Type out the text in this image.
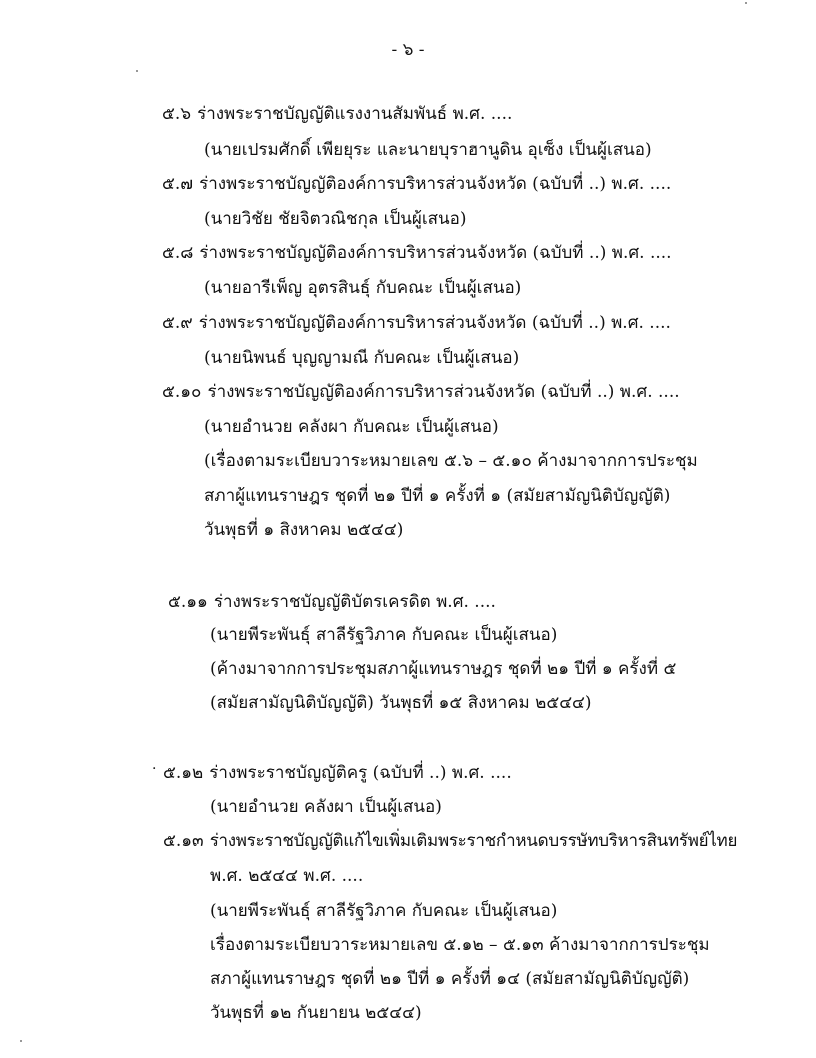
- ๖ -
๕.๖ ร่างพระราชบัญญัติแรงงานสัมพันธ์ พ.ศ. ....
(นายเปรมศักดิ์ เพียยุระ และนายบุราฮานูดิน อุเซ็ง เป็นผู้เสนอ)
๕.๗ ร่างพระราชบัญญัติองค์การบริหารส่วนจังหวัด (ฉบับที่ ..) พ.ศ. ....
(นายวิชัย ชัยจิตวณิชกุล เป็นผู้เสนอ)
๕.๘ ร่างพระราชบัญญัติองค์การบริหารส่วนจังหวัด (ฉบับที่ ..) พ.ศ. ....
(นายอารีเพ็ญ อุตรสินธุ์ กับคณะ เป็นผู้เสนอ)
๕.๙ ร่างพระราชบัญญัติองค์การบริหารส่วนจังหวัด (ฉบับที่ ..) พ.ศ. ....
(นายนิพนธ์ บุญญามณี กับคณะ เป็นผู้เสนอ)
๕.๑๐ ร่างพระราชบัญญัติองค์การบริหารส่วนจังหวัด (ฉบับที่ ..) พ.ศ. ....
(นายอำนวย คลังผา กับคณะ เป็นผู้เสนอ)
(เรื่องตามระเบียบวาระหมายเลข ๕.๖ – ๕.๑๐ ค้างมาจากการประชุม
สภาผู้แทนราษฎร ชุดที่ ๒๑ ปีที่ ๑ ครั้งที่ ๑ (สมัยสามัญนิติบัญญัติ)
วันพุธที่ ๑ สิงหาคม ๒๕๔๔)
๕.๑๑ ร่างพระราชบัญญัติบัตรเครดิต พ.ศ. ....
(นายพีระพันธุ์ สาลีรัฐวิภาค กับคณะ เป็นผู้เสนอ)
(ค้างมาจากการประชุมสภาผู้แทนราษฎร ชุดที่ ๒๑ ปีที่ ๑ ครั้งที่ ๕
(สมัยสามัญนิติบัญญัติ) วันพุธที่ ๑๕ สิงหาคม ๒๕๔๔)
· ๕.๑๒ ร่างพระราชบัญญัติครู (ฉบับที่ ..) พ.ศ. ....
(นายอำนวย คลังผา เป็นผู้เสนอ)
๕.๑๓ ร่างพระราชบัญญัติแก้ไขเพิ่มเติมพระราชกำหนดบรรษัทบริหารสินทรัพย์ไทย
พ.ศ. ๒๕๔๔ พ.ศ. ....
(นายพีระพันธุ์ สาลีรัฐวิภาค กับคณะ เป็นผู้เสนอ)
เรื่องตามระเบียบวาระหมายเลข ๕.๑๒ – ๕.๑๓ ค้างมาจากการประชุม
สภาผู้แทนราษฎร ชุดที่ ๒๑ ปีที่ ๑ ครั้งที่ ๑๔ (สมัยสามัญนิติบัญญัติ)
วันพุธที่ ๑๒ กันยายน ๒๕๔๔)
